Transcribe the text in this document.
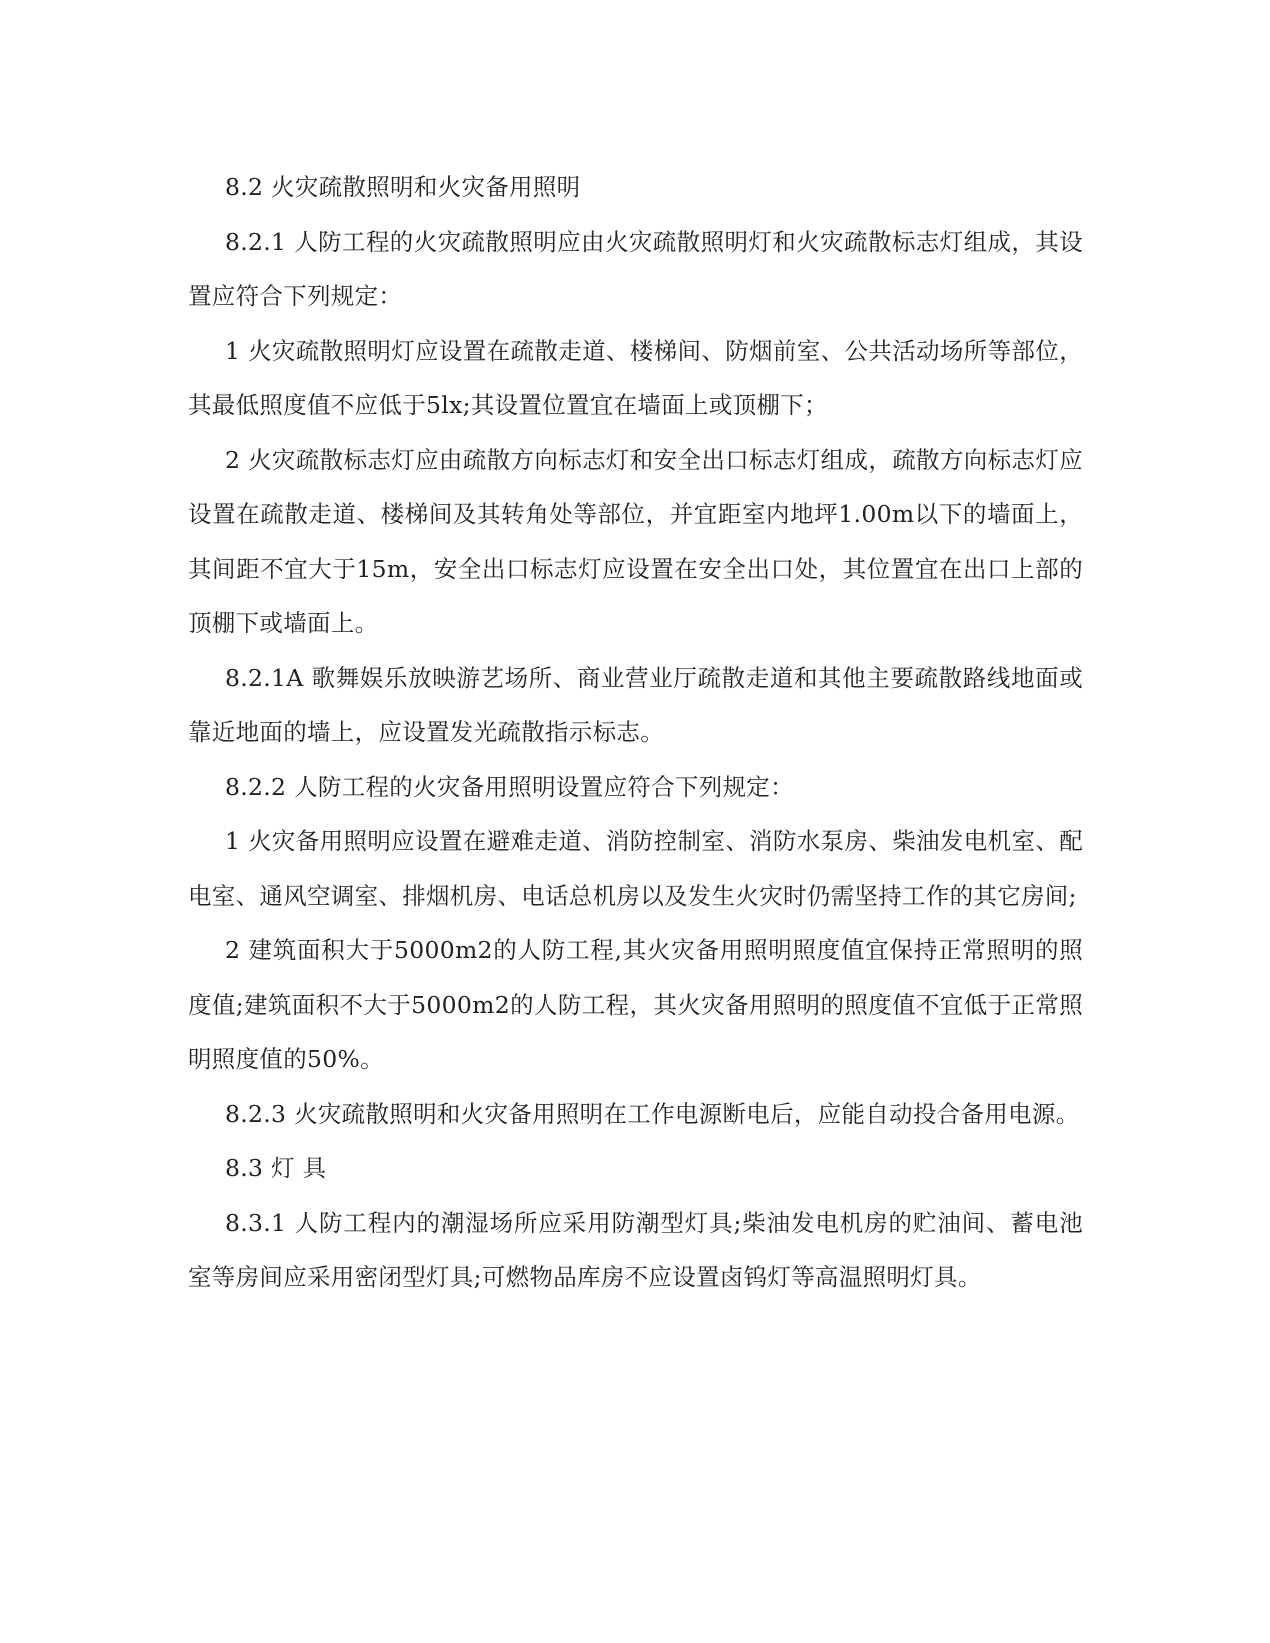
8.2 火灾疏散照明和火灾备用照明

8.2.1 人防工程的火灾疏散照明应由火灾疏散照明灯和火灾疏散标志灯组成，其设置应符合下列规定：

1 火灾疏散照明灯应设置在疏散走道、楼梯间、防烟前室、公共活动场所等部位，其最低照度值不应低于5lx;其设置位置宜在墙面上或顶棚下；

2 火灾疏散标志灯应由疏散方向标志灯和安全出口标志灯组成，疏散方向标志灯应设置在疏散走道、楼梯间及其转角处等部位，并宜距室内地坪1.00m以下的墙面上，其间距不宜大于15m，安全出口标志灯应设置在安全出口处，其位置宜在出口上部的顶棚下或墙面上。

8.2.1A 歌舞娱乐放映游艺场所、商业营业厅疏散走道和其他主要疏散路线地面或靠近地面的墙上，应设置发光疏散指示标志。

8.2.2 人防工程的火灾备用照明设置应符合下列规定：

1 火灾备用照明应设置在避难走道、消防控制室、消防水泵房、柴油发电机室、配电室、通风空调室、排烟机房、电话总机房以及发生火灾时仍需坚持工作的其它房间;

2 建筑面积大于5000m2的人防工程,其火灾备用照明照度值宜保持正常照明的照度值;建筑面积不大于5000m2的人防工程，其火灾备用照明的照度值不宜低于正常照明照度值的50%。

8.2.3 火灾疏散照明和火灾备用照明在工作电源断电后，应能自动投合备用电源。

8.3 灯 具

8.3.1 人防工程内的潮湿场所应采用防潮型灯具;柴油发电机房的贮油间、蓄电池室等房间应采用密闭型灯具;可燃物品库房不应设置卤钨灯等高温照明灯具。
